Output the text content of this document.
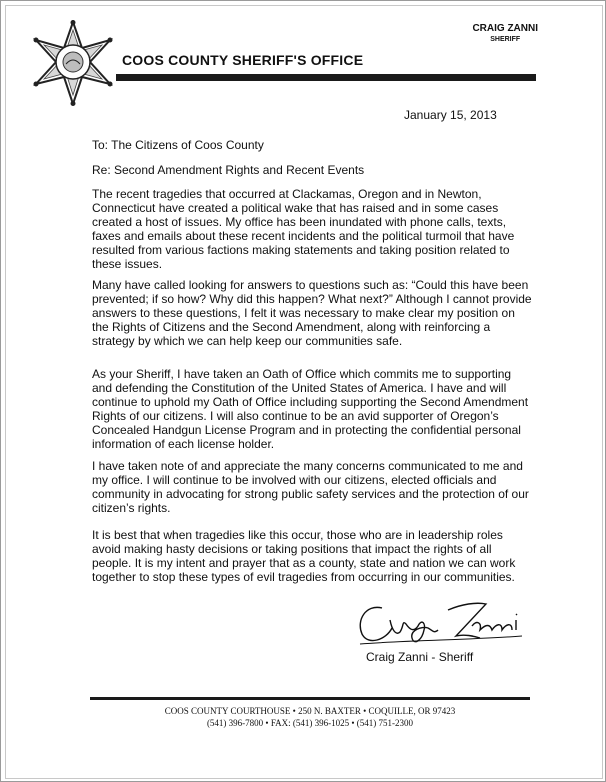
COOS COUNTY SHERIFF'S OFFICE
CRAIG ZANNI
SHERIFF
January 15, 2013
To: The Citizens of Coos County
Re: Second Amendment Rights and Recent Events

The recent tragedies that occurred at Clackamas, Oregon and in Newton, Connecticut have created a political wake that has raised and in some cases created a host of issues. My office has been inundated with phone calls, texts, faxes and emails about these recent incidents and the political turmoil that have resulted from various factions making statements and taking position related to these issues.

Many have called looking for answers to questions such as: “Could this have been prevented; if so how? Why did this happen? What next?” Although I cannot provide answers to these questions, I felt it was necessary to make clear my position on the Rights of Citizens and the Second Amendment, along with reinforcing a strategy by which we can help keep our communities safe.

As your Sheriff, I have taken an Oath of Office which commits me to supporting and defending the Constitution of the United States of America. I have and will continue to uphold my Oath of Office including supporting the Second Amendment Rights of our citizens. I will also continue to be an avid supporter of Oregon’s Concealed Handgun License Program and in protecting the confidential personal information of each license holder.

I have taken note of and appreciate the many concerns communicated to me and my office. I will continue to be involved with our citizens, elected officials and community in advocating for strong public safety services and the protection of our citizen’s rights.

It is best that when tragedies like this occur, those who are in leadership roles avoid making hasty decisions or taking positions that impact the rights of all people. It is my intent and prayer that as a county, state and nation we can work together to stop these types of evil tragedies from occurring in our communities.

Craig Zanni - Sheriff
COOS COUNTY COURTHOUSE • 250 N. BAXTER • COQUILLE, OR 97423
(541) 396-7800 • FAX: (541) 396-1025 • (541) 751-2300
